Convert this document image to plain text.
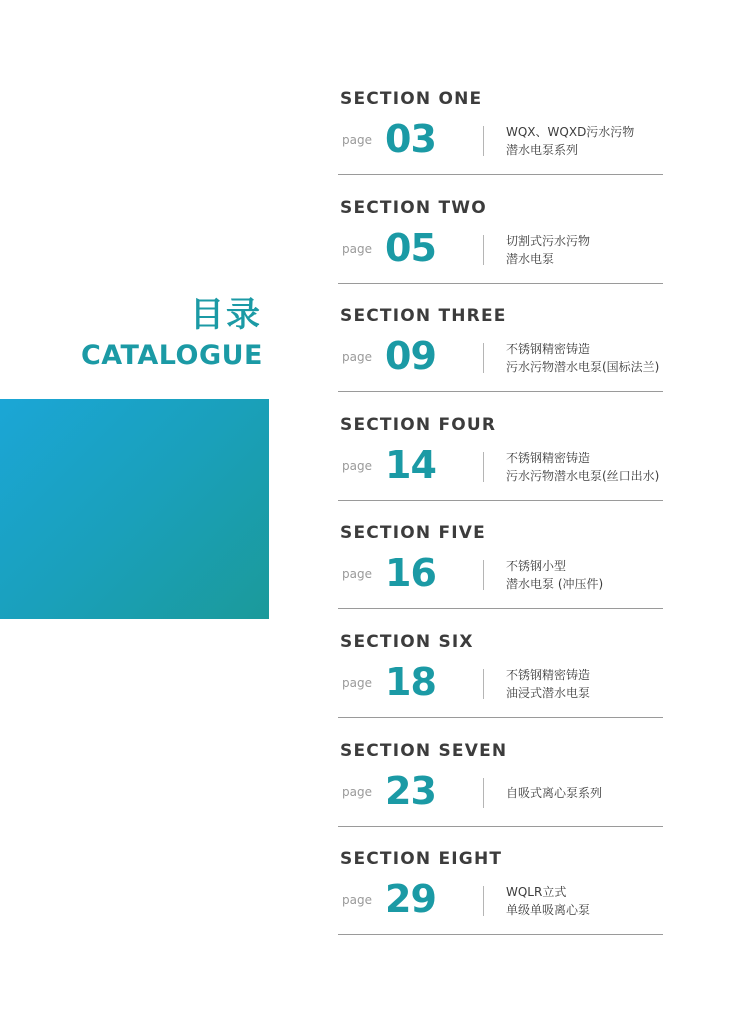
目录
CATALOGUE
SECTION ONE
page 03	WQX、WQXD污水污物
潜水电泵系列
SECTION TWO
page 05	切割式污水污物
潜水电泵
SECTION THREE
page 09	不锈钢精密铸造
污水污物潜水电泵(国标法兰)
SECTION FOUR
page 14	不锈钢精密铸造
污水污物潜水电泵(丝口出水)
SECTION FIVE
page 16	不锈钢小型
潜水电泵 (冲压件)
SECTION SIX
page 18	不锈钢精密铸造
油浸式潜水电泵
SECTION SEVEN
page 23	自吸式离心泵系列
SECTION EIGHT
page 29	WQLR立式
单级单吸离心泵
